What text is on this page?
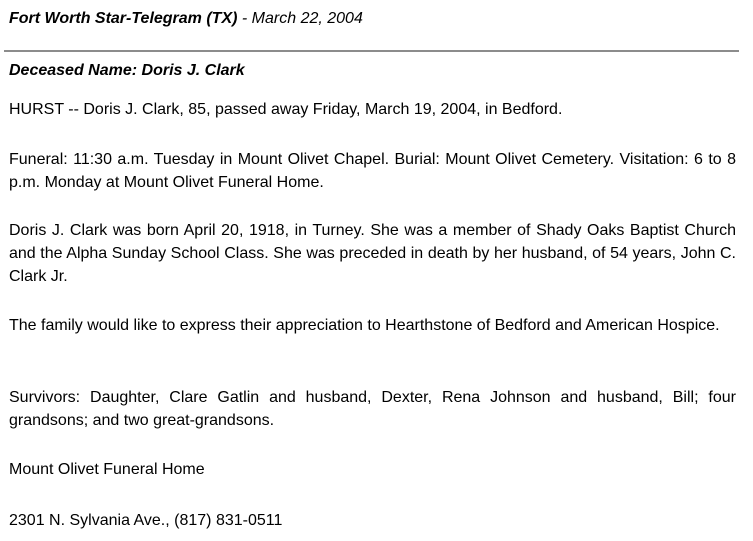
Fort Worth Star-Telegram (TX) - March 22, 2004
Deceased Name: Doris J. Clark
HURST -- Doris J. Clark, 85, passed away Friday, March 19, 2004, in Bedford.
Funeral: 11:30 a.m. Tuesday in Mount Olivet Chapel. Burial: Mount Olivet Cemetery. Visitation: 6 to 8 p.m. Monday at Mount Olivet Funeral Home.
Doris J. Clark was born April 20, 1918, in Turney. She was a member of Shady Oaks Baptist Church and the Alpha Sunday School Class. She was preceded in death by her husband, of 54 years, John C. Clark Jr.
The family would like to express their appreciation to Hearthstone of Bedford and American Hospice.
Survivors: Daughter, Clare Gatlin and husband, Dexter, Rena Johnson and husband, Bill; four grandsons; and two great-grandsons.
Mount Olivet Funeral Home
2301 N. Sylvania Ave., (817) 831-0511
